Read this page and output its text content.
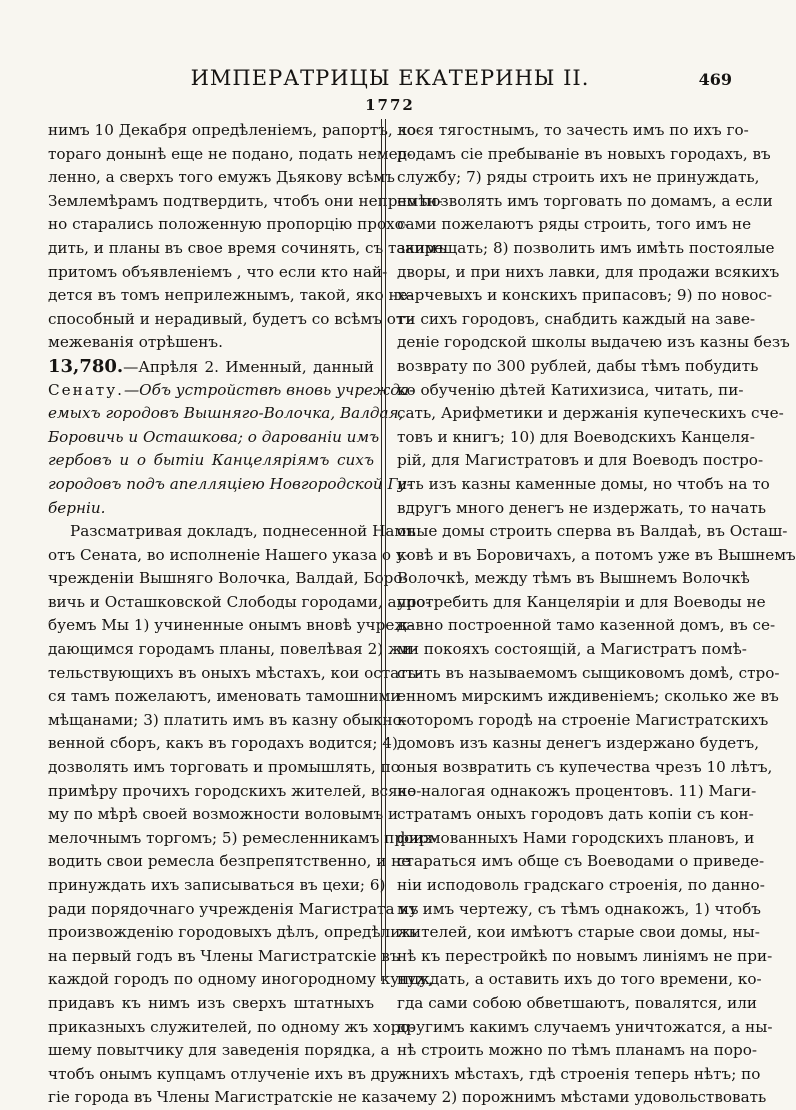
ИМПЕРАТРИЦЫ ЕКАТЕРИНЫ II.	469
1772
нимъ 10 Декабря опредѣленіемъ, рапортъ, ко-
тораго донынѣ еще не подано, подать немед-
ленно, а сверхъ того емужъ Дьякову всѣмъ
Землемѣрамъ подтвердить, чтобъ они непремѣн-
но старались положенную пропорцію прохо-
дить, и планы въ свое время сочинять, съ такимъ
притомъ объявленіемъ , что если кто най-
дется въ томъ неприлежнымъ, такой, яко не-
способный и нерадивый, будетъ со всѣмъ отъ
межеванія отрѣшенъ.
13,780.—Апрѣля 2. Именный, данный
Сенату.—Объ устройствѣ вновь учрежда-
емыхъ городовъ Вышняго-Волочка, Валдая,
Боровичь и Осташкова; о дарованіи имъ
гербовъ и о бытіи Канцеляріямъ сихъ
городовъ подъ апелляціею Новгородской Гу-
берніи.
Разсматривая докладъ, поднесенной Намъ
отъ Сената, во исполненіе Нашего указа о у-
чрежденіи Вышняго Волочка, Валдай, Боро-
вичь и Осташковской Слободы городами, апро-
буемъ Мы 1) учиненные онымъ вновѣ учреж-
дающимся городамъ планы, повелѣвая 2) жи-
тельствующихъ въ оныхъ мѣстахъ, кои остать-
ся тамъ пожелаютъ, именовать тамошними
мѣщанами; 3) платить имъ въ казну обыкно-
венной сборъ, какъ въ городахъ водится; 4)
дозволять имъ торговать и промышлять, по
примѣру прочихъ городскихъ жителей, всяко-
му по мѣрѣ своей возможности воловымъ и
мелочнымъ торгомъ; 5) ремесленникамъ произ-
водить свои ремесла безпрепятственно, и не
принуждать ихъ записываться въ цехи; 6)
ради порядочнаго учрежденія Магистрата къ
произвожденію городовыхъ дѣлъ, опредѣлить
на первый годъ въ Члены Магистратскіе въ
каждой городъ по одному иногородному купцу,
придавъ къ нимъ изъ сверхъ штатныхъ
приказныхъ служителей, по одному жъ хоро-
шему повытчику для заведенія порядка, а
чтобъ онымъ купцамъ отлученіе ихъ въ дру-
гіе города въ Члены Магистратскіе не каза-
лося тягостнымъ, то зачесть имъ по ихъ го-
родамъ сіе пребываніе въ новыхъ городахъ, въ
службу; 7) ряды строить ихъ не принуждать,
но позволять имъ торговать по домамъ, а если
сами пожелаютъ ряды строить, того имъ не
запрещать; 8) позволить имъ имѣть постоялые
дворы, и при нихъ лавки, для продажи всякихъ
харчевыхъ и конскихъ припасовъ; 9) по новос-
ти сихъ городовъ, снабдить каждый на заве-
деніе городской школы выдачею изъ казны безъ
возврату по 300 рублей, дабы тѣмъ побудить
ко обученію дѣтей Катихизиса, читать, пи-
сать, Арифметики и держанія купеческихъ сче-
товъ и книгъ; 10) для Воеводскихъ Канцеля-
рій, для Магистратовъ и для Воеводъ постро-
ить изъ казны каменные домы, но чтобъ на то
вдругъ много денегъ не издержать, то начать
оные домы строить сперва въ Валдаѣ, въ Осташ-
ковѣ и въ Боровичахъ, а потомъ уже въ Вышнемъ
Волочкѣ, между тѣмъ въ Вышнемъ Волочкѣ
употребить для Канцеляріи и для Воеводы не
давно построенной тамо казенной домъ, въ се-
ми покояхъ состоящій, а Магистратъ помѣ-
стить въ называемомъ сыщиковомъ домѣ, стро-
енномъ мирскимъ иждивеніемъ; сколько же въ
которомъ городѣ на строеніе Магистратскихъ
домовъ изъ казны денегъ издержано будетъ,
оныя возвратить съ купечества чрезъ 10 лѣтъ,
не налогая однакожъ процентовъ. 11) Маги-
стратамъ оныхъ городовъ дать копіи съ кон-
фирмованныхъ Нами городскихъ плановъ, и
стараться имъ обще съ Воеводами о приведе-
ніи исподоволь градскаго строенія, по данно-
му имъ чертежу, съ тѣмъ однакожъ, 1) чтобъ
жителей, кои имѣютъ старые свои домы, ны-
нѣ къ перестройкѣ по новымъ линіямъ не при-
нуждать, а оставить ихъ до того времени, ко-
гда сами собою обветшаютъ, повалятся, или
другимъ какимъ случаемъ уничтожатся, а ны-
нѣ строить можно по тѣмъ планамъ на поро-
жнихъ мѣстахъ, гдѣ строенія теперь нѣтъ; по
чему 2) порожнимъ мѣстами удовольствовать
